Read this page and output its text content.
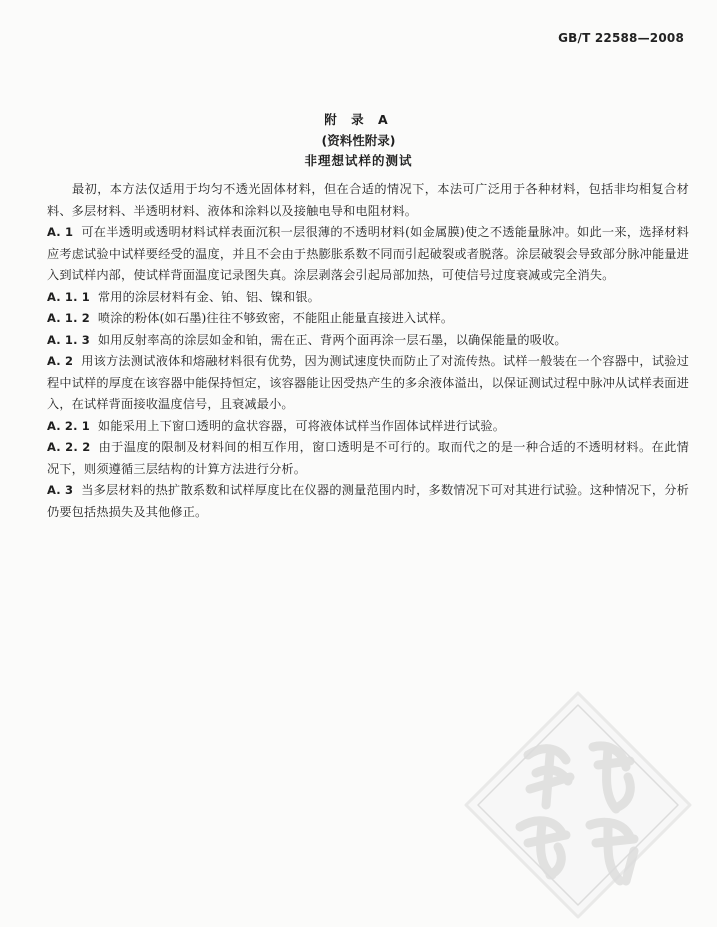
GB/T 22588—2008
附 录 A
(资料性附录)
非理想试样的测试

最初，本方法仅适用于均匀不透光固体材料，但在合适的情况下，本法可广泛用于各种材料，包括非均相复合材料、多层材料、半透明材料、液体和涂料以及接触电导和电阻材料。

A. 1 可在半透明或透明材料试样表面沉积一层很薄的不透明材料(如金属膜)使之不透能量脉冲。如此一来，选择材料应考虑试验中试样要经受的温度，并且不会由于热膨胀系数不同而引起破裂或者脱落。涂层破裂会导致部分脉冲能量进入到试样内部，使试样背面温度记录图失真。涂层剥落会引起局部加热，可使信号过度衰减或完全消失。

A. 1. 1 常用的涂层材料有金、铂、铝、镍和银。

A. 1. 2 喷涂的粉体(如石墨)往往不够致密，不能阻止能量直接进入试样。

A. 1. 3 如用反射率高的涂层如金和铂，需在正、背两个面再涂一层石墨，以确保能量的吸收。

A. 2 用该方法测试液体和熔融材料很有优势，因为测试速度快而防止了对流传热。试样一般装在一个容器中，试验过程中试样的厚度在该容器中能保持恒定，该容器能让因受热产生的多余液体溢出，以保证测试过程中脉冲从试样表面进入，在试样背面接收温度信号，且衰减最小。

A. 2. 1 如能采用上下窗口透明的盒状容器，可将液体试样当作固体试样进行试验。

A. 2. 2 由于温度的限制及材料间的相互作用，窗口透明是不可行的。取而代之的是一种合适的不透明材料。在此情况下，则须遵循三层结构的计算方法进行分析。

A. 3 当多层材料的热扩散系数和试样厚度比在仪器的测量范围内时，多数情况下可对其进行试验。这种情况下，分析仍要包括热损失及其他修正。
